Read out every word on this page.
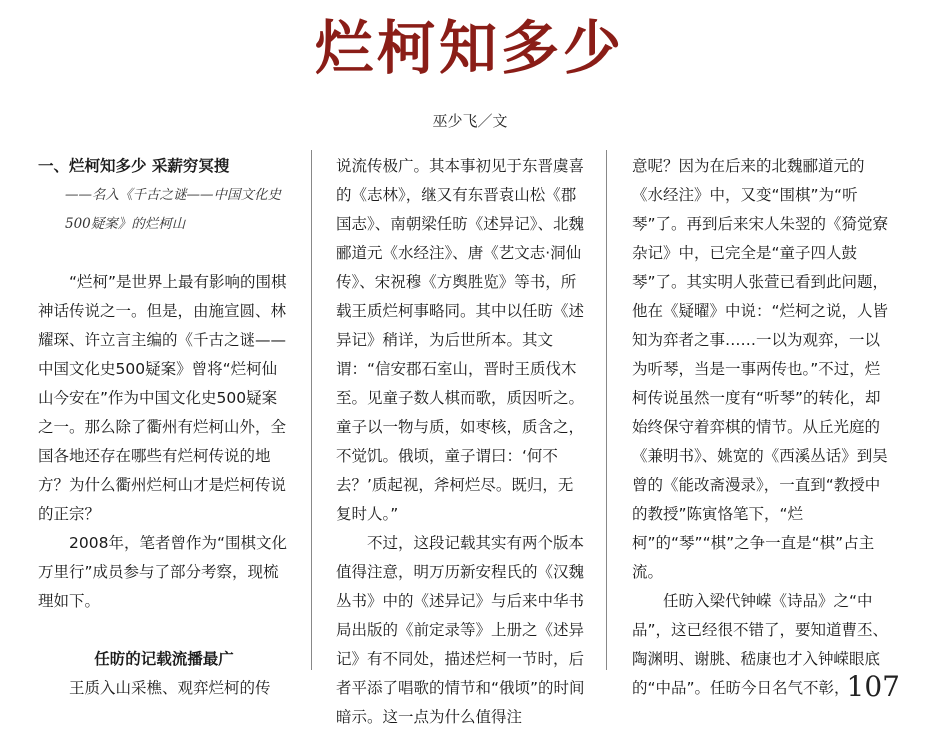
烂柯知多少
巫少飞／文

一、烂柯知多少 采薪穷冥搜

——名入《千古之谜——中国文化史500疑案》的烂柯山

“烂柯”是世界上最有影响的围棋神话传说之一。但是，由施宣圆、林耀琛、许立言主编的《千古之谜——中国文化史500疑案》曾将“烂柯仙山今安在”作为中国文化史500疑案之一。那么除了衢州有烂柯山外，全国各地还存在哪些有烂柯传说的地方？为什么衢州烂柯山才是烂柯传说的正宗？

2008年，笔者曾作为“围棋文化万里行”成员参与了部分考察，现梳理如下。

任昉的记载流播最广

王质入山采樵、观弈烂柯的传

说流传极广。其本事初见于东晋虞喜的《志林》，继又有东晋袁山松《郡国志》、南朝梁任昉《述异记》、北魏郦道元《水经注》、唐《艺文志·洞仙传》、宋祝穆《方舆胜览》等书，所载王质烂柯事略同。其中以任昉《述异记》稍详，为后世所本。其文谓：“信安郡石室山，晋时王质伐木至。见童子数人棋而歌，质因听之。童子以一物与质，如枣核，质含之，不觉饥。俄顷，童子谓曰：‘何不去？’质起视，斧柯烂尽。既归，无复时人。”

不过，这段记载其实有两个版本值得注意，明万历新安程氏的《汉魏丛书》中的《述异记》与后来中华书局出版的《前定录等》上册之《述异记》有不同处，描述烂柯一节时，后者平添了唱歌的情节和“俄顷”的时间暗示。这一点为什么值得注

意呢？因为在后来的北魏郦道元的《水经注》中，又变“围棋”为“听琴”了。再到后来宋人朱翌的《猗觉寮杂记》中，已完全是“童子四人鼓琴”了。其实明人张萱已看到此问题，他在《疑曜》中说：“烂柯之说，人皆知为弈者之事……一以为观弈，一以为听琴，当是一事两传也。”不过，烂柯传说虽然一度有“听琴”的转化，却始终保守着弈棋的情节。从丘光庭的《兼明书》、姚宽的《西溪丛话》到吴曾的《能改斋漫录》，一直到“教授中的教授”陈寅恪笔下，“烂柯”的“琴”“棋”之争一直是“棋”占主流。

任昉入梁代钟嵘《诗品》之“中品”，这已经很不错了，要知道曹丕、陶渊明、谢朓、嵇康也才入钟嵘眼底的“中品”。任昉今日名气不彰，

107
